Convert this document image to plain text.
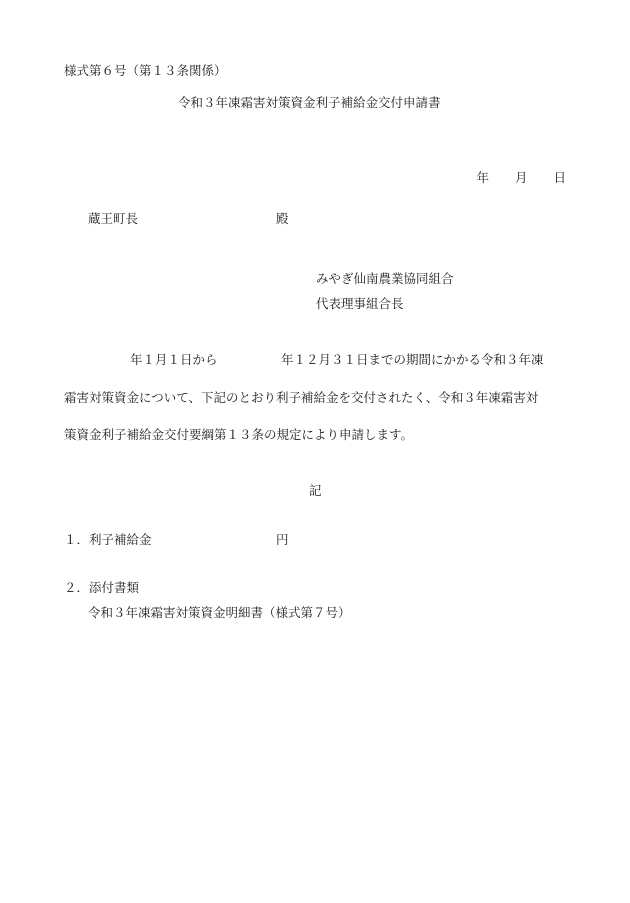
様式第６号（第１３条関係）
令和３年凍霜害対策資金利子補給金交付申請書
年 月 日
蔵王町長	殿
みやぎ仙南農業協同組合
代表理事組合長
年１月１日から	年１２月３１日までの期間にかかる令和３年凍
霜害対策資金について、下記のとおり利子補給金を交付されたく、令和３年凍霜害対
策資金利子補給金交付要綱第１３条の規定により申請します。
記
１．利子補給金	円
２．添付書類
令和３年凍霜害対策資金明細書（様式第７号）
